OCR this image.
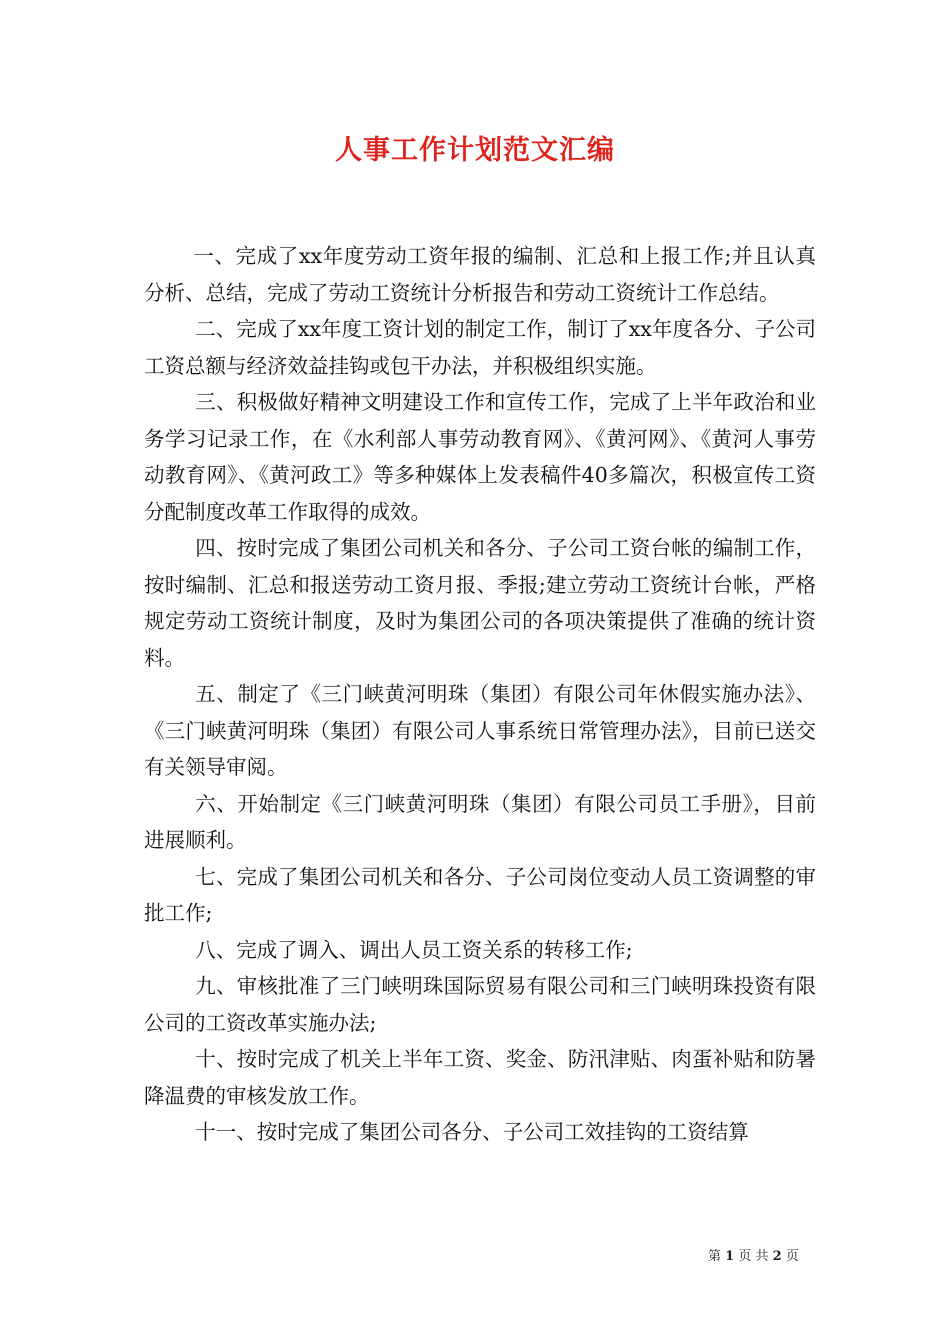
人事工作计划范文汇编

一、完成了xx年度劳动工资年报的编制、汇总和上报工作;并且认真分析、总结，完成了劳动工资统计分析报告和劳动工资统计工作总结。

二、完成了xx年度工资计划的制定工作，制订了xx年度各分、子公司工资总额与经济效益挂钩或包干办法，并积极组织实施。

三、积极做好精神文明建设工作和宣传工作，完成了上半年政治和业务学习记录工作，在《水利部人事劳动教育网》、《黄河网》、《黄河人事劳动教育网》、《黄河政工》等多种媒体上发表稿件40多篇次，积极宣传工资分配制度改革工作取得的成效。

四、按时完成了集团公司机关和各分、子公司工资台帐的编制工作，按时编制、汇总和报送劳动工资月报、季报;建立劳动工资统计台帐，严格规定劳动工资统计制度，及时为集团公司的各项决策提供了准确的统计资料。

五、制定了《三门峡黄河明珠（集团）有限公司年休假实施办法》、《三门峡黄河明珠（集团）有限公司人事系统日常管理办法》，目前已送交有关领导审阅。

六、开始制定《三门峡黄河明珠（集团）有限公司员工手册》，目前进展顺利。

七、完成了集团公司机关和各分、子公司岗位变动人员工资调整的审批工作;

八、完成了调入、调出人员工资关系的转移工作;

九、审核批准了三门峡明珠国际贸易有限公司和三门峡明珠投资有限公司的工资改革实施办法;

十、按时完成了机关上半年工资、奖金、防汛津贴、肉蛋补贴和防暑降温费的审核发放工作。

十一、按时完成了集团公司各分、子公司工效挂钩的工资结算

第 1 页 共 2 页
